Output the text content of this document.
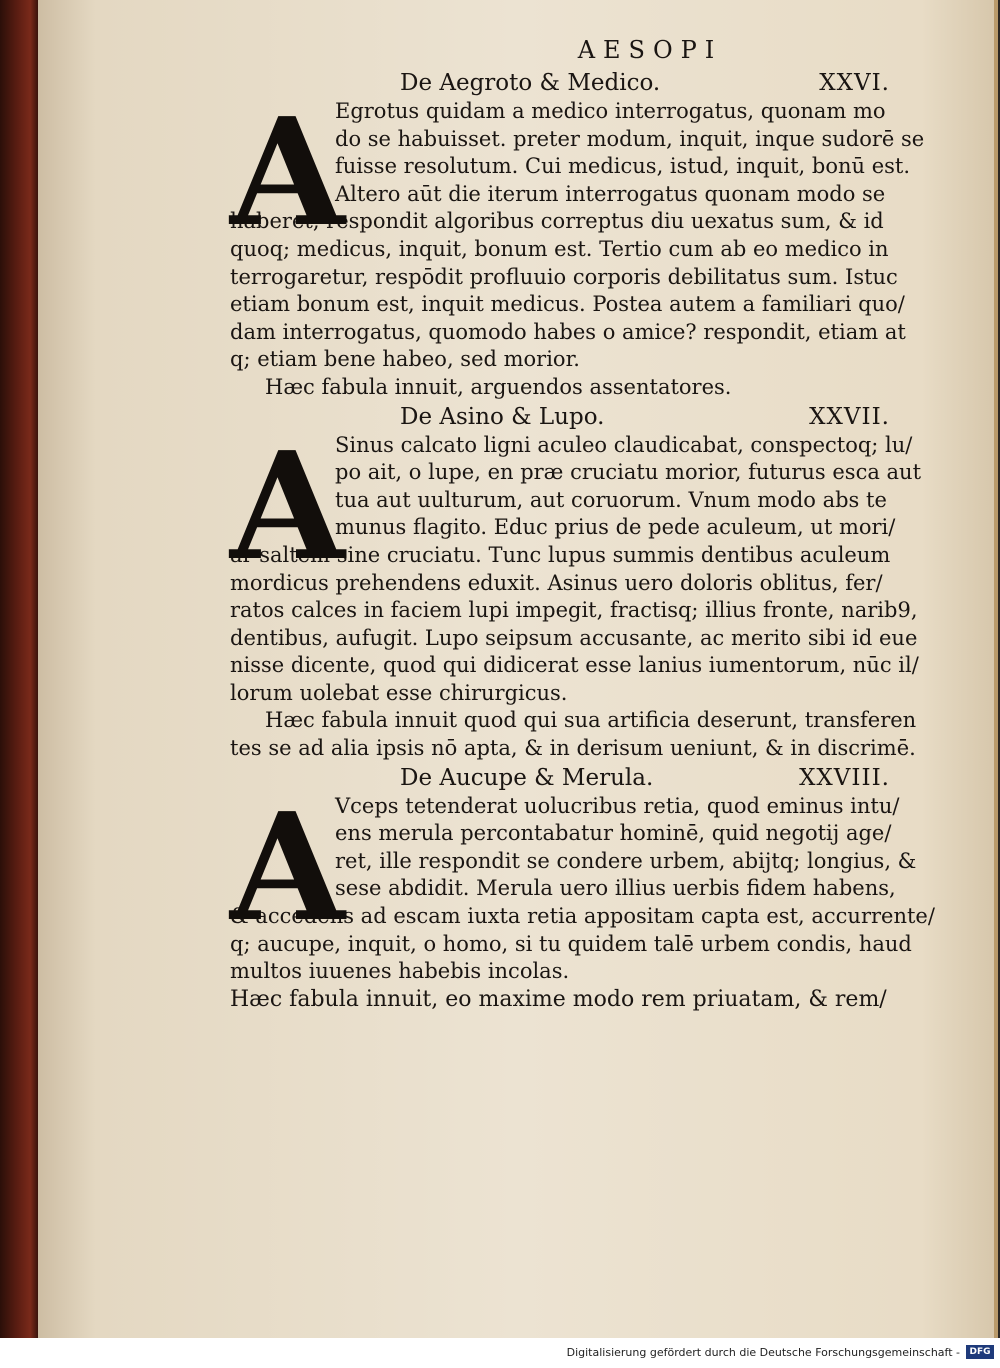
AESOPI
De Aegroto & Medico.	XXVI.
A
Egrotus quidam a medico interrogatus, quonam mo
do se habuisset. preter modum, inquit, inque sudorē se
fuisse resolutum. Cui medicus, istud, inquit, bonū est.
Altero aūt die iterum interrogatus quonam modo se
haberet, respondit algoribus correptus diu uexatus sum, & id
quoq; medicus, inquit, bonum est. Tertio cum ab eo medico in
terrogaretur, respōdit profluuio corporis debilitatus sum. Istuc
etiam bonum est, inquit medicus. Postea autem a familiari quo/
dam interrogatus, quomodo habes o amice? respondit, etiam at
q; etiam bene habeo, sed morior.
Hæc fabula innuit, arguendos assentatores.
De Asino & Lupo.	XXVII.
A
Sinus calcato ligni aculeo claudicabat, conspectoq; lu/
po ait, o lupe, en præ cruciatu morior, futurus esca aut
tua aut uulturum, aut coruorum. Vnum modo abs te
munus flagito. Educ prius de pede aculeum, ut mori/
ar saltem sine cruciatu. Tunc lupus summis dentibus aculeum
mordicus prehendens eduxit. Asinus uero doloris oblitus, fer/
ratos calces in faciem lupi impegit, fractisq; illius fronte, narib9,
dentibus, aufugit. Lupo seipsum accusante, ac merito sibi id eue
nisse dicente, quod qui didicerat esse lanius iumentorum, nūc il/
lorum uolebat esse chirurgicus.
Hæc fabula innuit quod qui sua artificia deserunt, transferen
tes se ad alia ipsis nō apta, & in derisum ueniunt, & in discrimē.
De Aucupe & Merula.	XXVIII.
A
Vceps tetenderat uolucribus retia, quod eminus intu/
ens merula percontabatur hominē, quid negotij age/
ret, ille respondit se condere urbem, abijtq; longius, &
sese abdidit. Merula uero illius uerbis fidem habens,
& accedens ad escam iuxta retia appositam capta est, accurrente/
q; aucupe, inquit, o homo, si tu quidem talē urbem condis, haud
multos iuuenes habebis incolas.
Hæc fabula innuit, eo maxime modo rem priuatam, & rem/
Digitalisierung gefördert durch die Deutsche Forschungsgemeinschaft -	DFG
